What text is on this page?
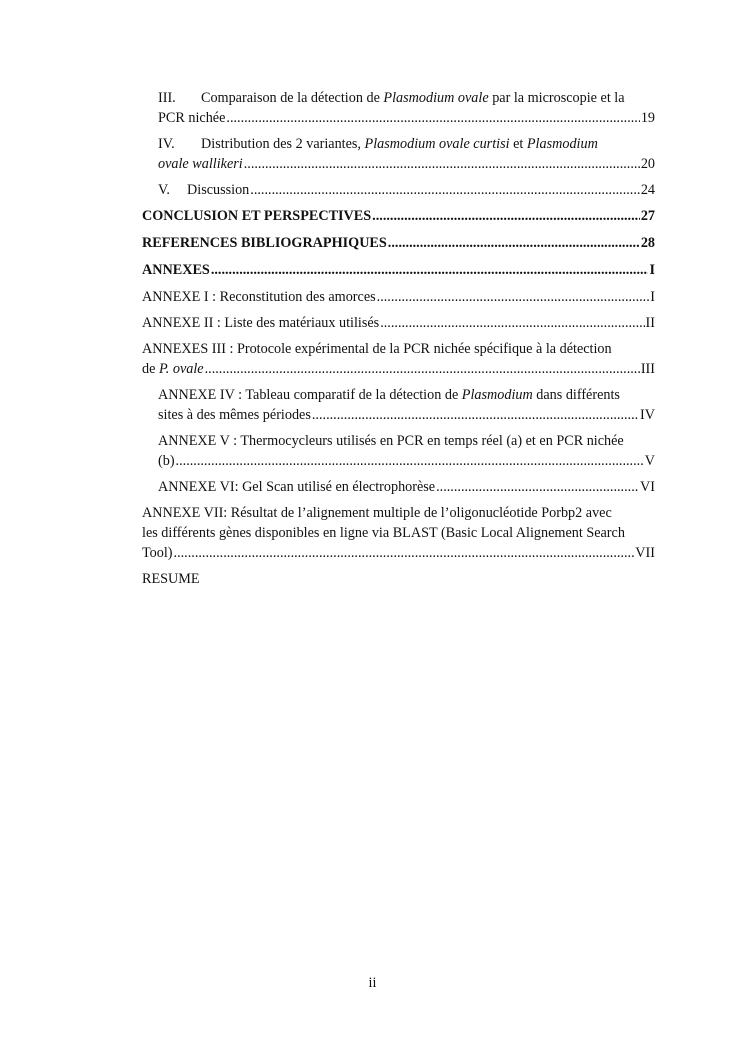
III. Comparaison de la détection de Plasmodium ovale par la microscopie et la
PCR nichée .....	19
IV. Distribution des 2 variantes, Plasmodium ovale curtisi et Plasmodium
ovale wallikeri .....	20
V.	Discussion .....	24
CONCLUSION ET PERSPECTIVES .....	27
REFERENCES BIBLIOGRAPHIQUES .....	28
ANNEXES .....	I
ANNEXE I : Reconstitution des amorces .....	I
ANNEXE II : Liste des matériaux utilisés .....	II
ANNEXES III : Protocole expérimental de la PCR nichée spécifique à la détection
de P. ovale .....	III
ANNEXE IV : Tableau comparatif de la détection de Plasmodium dans différents
sites à des mêmes périodes .....	IV
ANNEXE V : Thermocycleurs utilisés en PCR en temps réel (a) et en PCR nichée
(b) .....	V
ANNEXE VI: Gel Scan utilisé en électrophorèse .....	VI
ANNEXE VII: Résultat de l’alignement multiple de l’oligonucléotide Porbp2 avec
les différents gènes disponibles en ligne via BLAST (Basic Local Alignement Search
Tool) .....	VII
RESUME
ii
